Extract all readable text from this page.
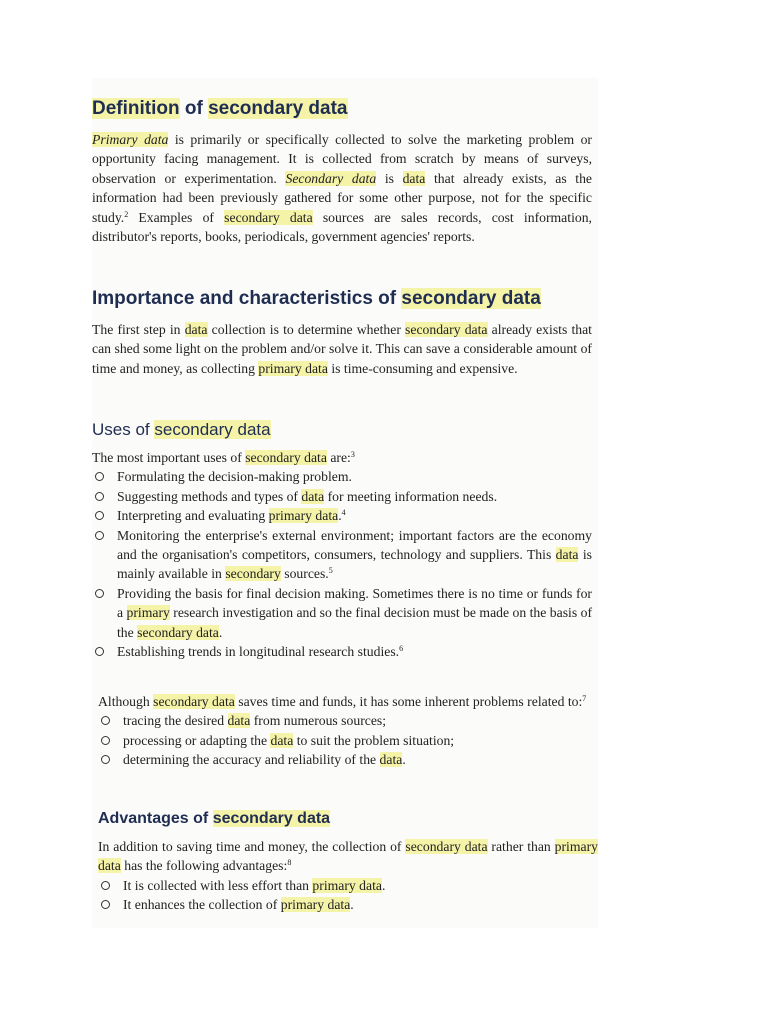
Definition of secondary data

Primary data is primarily or specifically collected to solve the marketing problem or opportunity facing management. It is collected from scratch by means of surveys, observation or experimentation. Secondary data is data that already exists, as the information had been previously gathered for some other purpose, not for the specific study.$^2$ Examples of secondary data sources are sales records, cost information, distributor's reports, books, periodicals, government agencies' reports.

Importance and characteristics of secondary data

The first step in data collection is to determine whether secondary data already exists that can shed some light on the problem and/or solve it. This can save a considerable amount of time and money, as collecting primary data is time-consuming and expensive.

Uses of secondary data

The most important uses of secondary data are:$^3$

Formulating the decision-making problem.
Suggesting methods and types of data for meeting information needs.
Interpreting and evaluating primary data.$^4$
Monitoring the enterprise's external environment; important factors are the economy and the organisation's competitors, consumers, technology and suppliers. This data is mainly available in secondary sources.$^5$
Providing the basis for final decision making. Sometimes there is no time or funds for a primary research investigation and so the final decision must be made on the basis of the secondary data.
Establishing trends in longitudinal research studies.$^6$

Although secondary data saves time and funds, it has some inherent problems related to:$^7$

tracing the desired data from numerous sources;
processing or adapting the data to suit the problem situation;
determining the accuracy and reliability of the data.
Advantages of secondary data

In addition to saving time and money, the collection of secondary data rather than primary data has the following advantages:$^8$

It is collected with less effort than primary data.
It enhances the collection of primary data.
